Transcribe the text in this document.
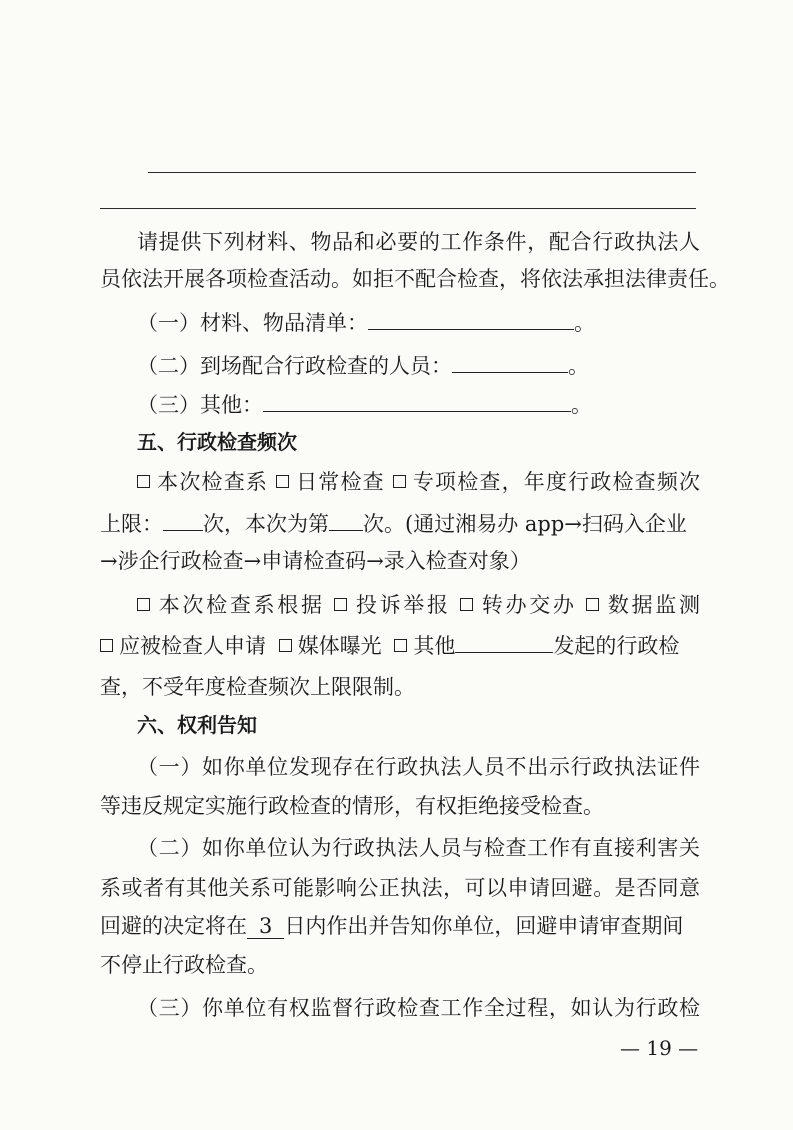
请提供下列材料、物品和必要的工作条件，配合行政执法人
员依法开展各项检查活动。如拒不配合检查，将依法承担法律责任。
（一）材料、物品清单：	。
（二）到场配合行政检查的人员：	。
（三）其他：	。
五、行政检查频次
本次检查系 日常检查 专项检查，年度行政检查频次
上限： 次，本次为第 次。(通过湘易办 app→扫码入企业
→涉企行政检查→申请检查码→录入检查对象）
本次检查系根据 投诉举报 转办交办 数据监测
应被检查人申请 媒体曝光 其他	发起的行政检
查，不受年度检查频次上限限制。
六、权利告知
（一）如你单位发现存在行政执法人员不出示行政执法证件
等违反规定实施行政检查的情形，有权拒绝接受检查。
（二）如你单位认为行政执法人员与检查工作有直接利害关
系或者有其他关系可能影响公正执法，可以申请回避。是否同意
回避的决定将在 3 日内作出并告知你单位，回避申请审查期间
不停止行政检查。
（三）你单位有权监督行政检查工作全过程，如认为行政检
— 19 —
